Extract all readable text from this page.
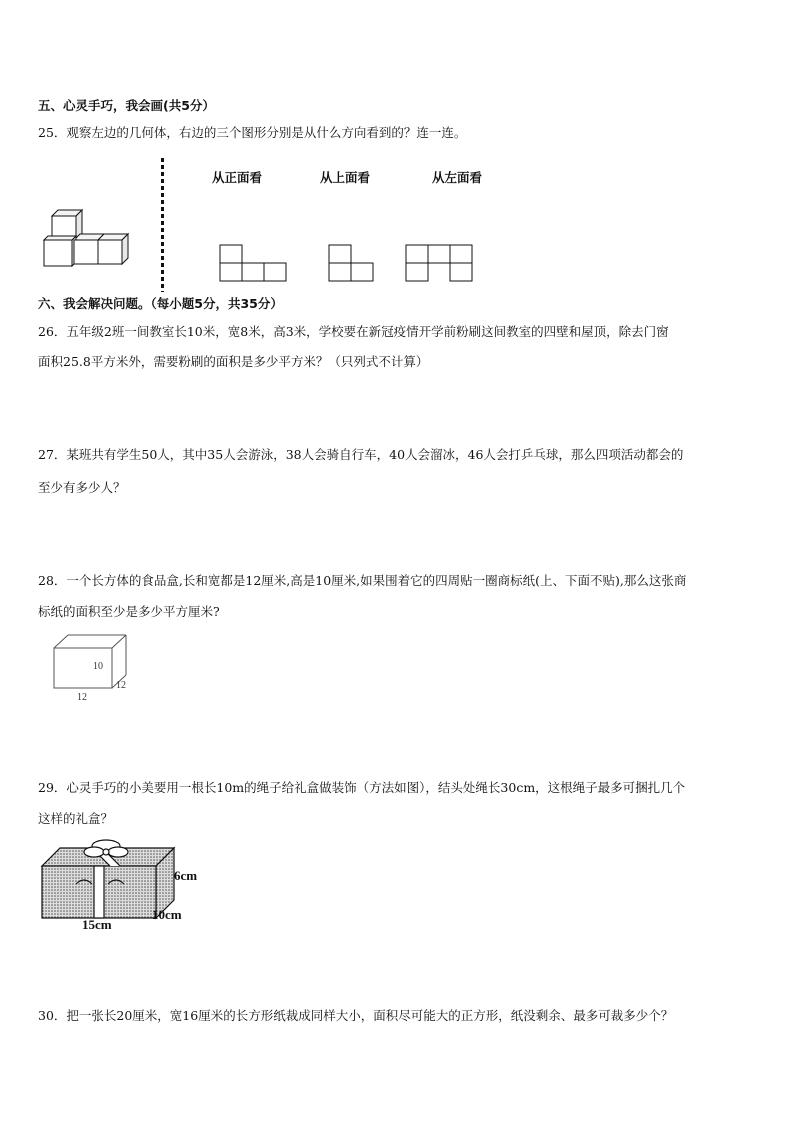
五、心灵手巧，我会画(共5分）
25．观察左边的几何体，右边的三个图形分别是从什么方向看到的？连一连。
从正面看	从上面看	从左面看
六、我会解决问题。（每小题5分，共35分）
26．五年级2班一间教室长10米，宽8米，高3米，学校要在新冠疫情开学前粉刷这间教室的四壁和屋顶，除去门窗
面积25.8平方米外，需要粉刷的面积是多少平方米？（只列式不计算）
27．某班共有学生50人，其中35人会游泳，38人会骑自行车，40人会溜冰，46人会打乒乓球，那么四项活动都会的
至少有多少人？
28．一个长方体的食品盒,长和宽都是12厘米,高是10厘米,如果围着它的四周贴一圈商标纸(上、下面不贴),那么这张商
标纸的面积至少是多少平方厘米?
10
12
12
29．心灵手巧的小美要用一根长10m的绳子给礼盒做装饰（方法如图），结头处绳长30cm，这根绳子最多可捆扎几个
这样的礼盒？
6cm
10cm
15cm
30．把一张长20厘米，宽16厘米的长方形纸裁成同样大小，面积尽可能大的正方形，纸没剩余、最多可裁多少个？
